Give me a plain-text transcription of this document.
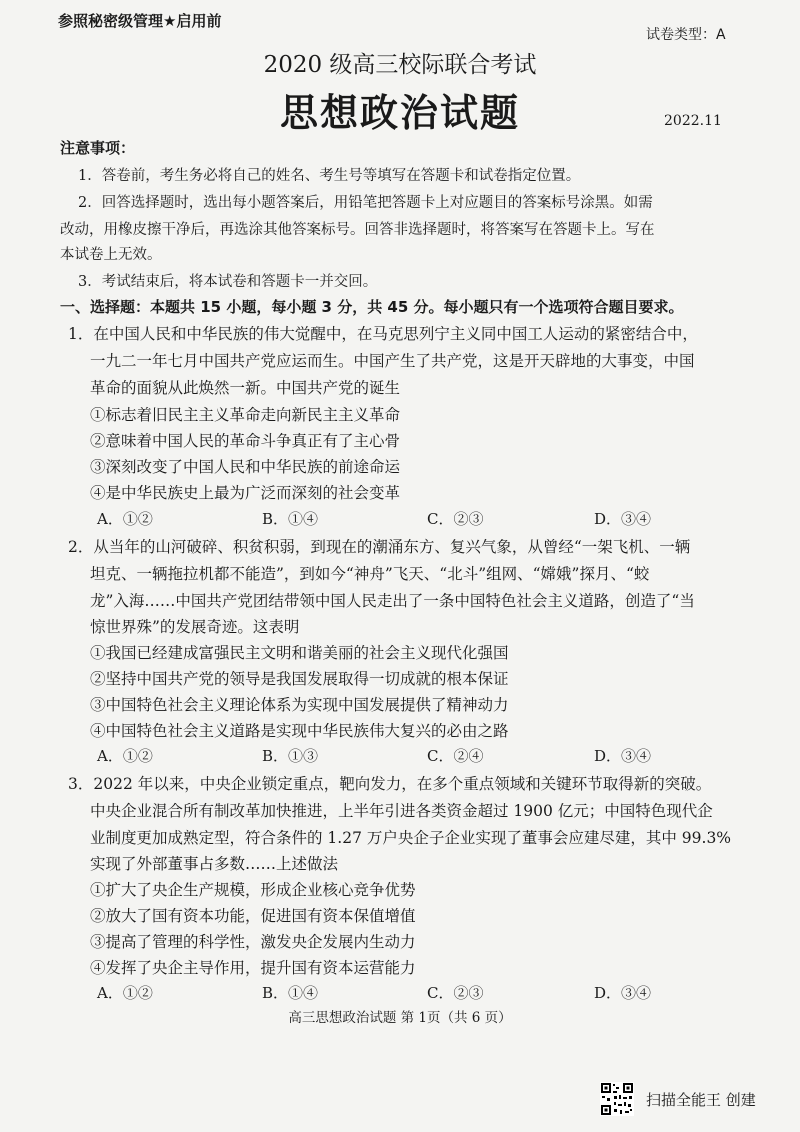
参照秘密级管理★启用前
试卷类型：A
2020 级高三校际联合考试
思想政治试题	2022.11
注意事项：
1．答卷前，考生务必将自己的姓名、考生号等填写在答题卡和试卷指定位置。
2．回答选择题时，选出每小题答案后，用铅笔把答题卡上对应题目的答案标号涂黑。如需
改动，用橡皮擦干净后，再选涂其他答案标号。回答非选择题时，将答案写在答题卡上。写在
本试卷上无效。
3．考试结束后，将本试卷和答题卡一并交回。
一、选择题：本题共 15 小题，每小题 3 分，共 45 分。每小题只有一个选项符合题目要求。
1．在中国人民和中华民族的伟大觉醒中，在马克思列宁主义同中国工人运动的紧密结合中，
一九二一年七月中国共产党应运而生。中国产生了共产党，这是开天辟地的大事变，中国
革命的面貌从此焕然一新。中国共产党的诞生
①标志着旧民主主义革命走向新民主主义革命
②意味着中国人民的革命斗争真正有了主心骨
③深刻改变了中国人民和中华民族的前途命运
④是中华民族史上最为广泛而深刻的社会变革
A．①②	B．①④	C．②③	D．③④
2．从当年的山河破碎、积贫积弱，到现在的潮涌东方、复兴气象，从曾经“一架飞机、一辆
坦克、一辆拖拉机都不能造”，到如今“神舟”飞天、“北斗”组网、“嫦娥”探月、“蛟
龙”入海……中国共产党团结带领中国人民走出了一条中国特色社会主义道路，创造了“当
惊世界殊”的发展奇迹。这表明
①我国已经建成富强民主文明和谐美丽的社会主义现代化强国
②坚持中国共产党的领导是我国发展取得一切成就的根本保证
③中国特色社会主义理论体系为实现中国发展提供了精神动力
④中国特色社会主义道路是实现中华民族伟大复兴的必由之路
A．①②	B．①③	C．②④	D．③④
3．2022 年以来，中央企业锁定重点，靶向发力，在多个重点领域和关键环节取得新的突破。
中央企业混合所有制改革加快推进，上半年引进各类资金超过 1900 亿元；中国特色现代企
业制度更加成熟定型，符合条件的 1.27 万户央企子企业实现了董事会应建尽建，其中 99.3%
实现了外部董事占多数……上述做法
①扩大了央企生产规模，形成企业核心竞争优势
②放大了国有资本功能，促进国有资本保值增值
③提高了管理的科学性，激发央企发展内生动力
④发挥了央企主导作用，提升国有资本运营能力
A．①②	B．①④	C．②③	D．③④
高三思想政治试题 第 1页（共 6 页）
扫描全能王 创建
